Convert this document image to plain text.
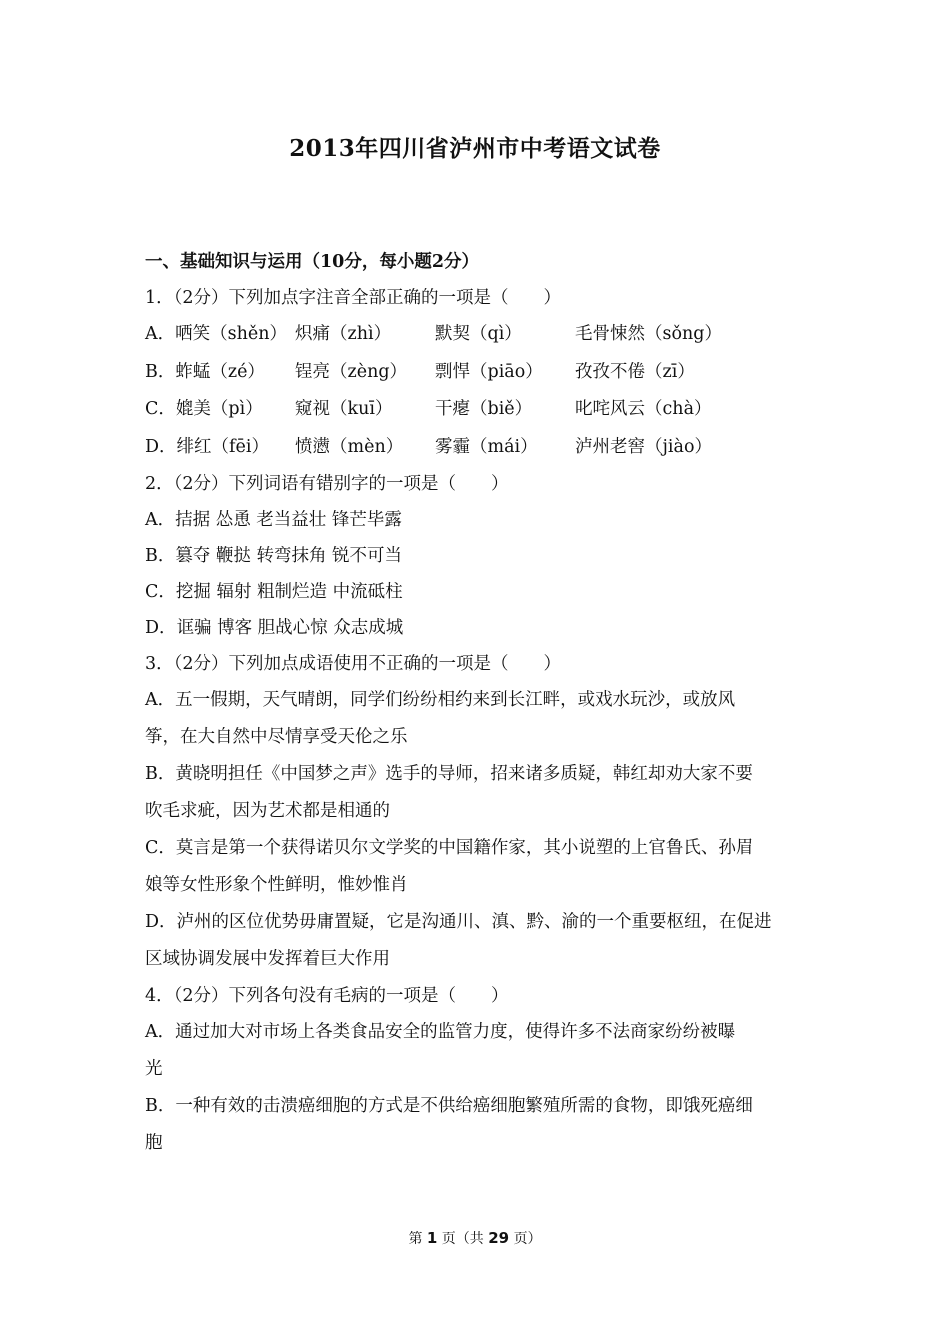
2013年四川省泸州市中考语文试卷
一、基础知识与运用（10分，每小题2分）
1．（2分）下列加点字注音全部正确的一项是（　　）
A．哂笑（shěn） 炽痛（zhì）	默契（qì）	毛骨悚然（sǒng）
B．蚱蜢（zé）	锃亮（zèng）	剽悍（piāo）	孜孜不倦（zī）
C．媲美（pì）	窥视（kuī）	干瘪（biě）	叱咤风云（chà）
D．绯红（fēi）	愤懑（mèn）	雾霾（mái）	泸州老窖（jiào）
2．（2分）下列词语有错别字的一项是（　　）
A．拮据 怂恿 老当益壮 锋芒毕露
B．篡夺 鞭挞 转弯抹角 锐不可当
C．挖掘 辐射 粗制烂造 中流砥柱
D．诓骗 博客 胆战心惊 众志成城
3．（2分）下列加点成语使用不正确的一项是（　　）
A．五一假期，天气晴朗，同学们纷纷相约来到长江畔，或戏水玩沙，或放风
筝，在大自然中尽情享受天伦之乐
B．黄晓明担任《中国梦之声》选手的导师，招来诸多质疑，韩红却劝大家不要
吹毛求疵，因为艺术都是相通的
C．莫言是第一个获得诺贝尔文学奖的中国籍作家，其小说塑的上官鲁氏、孙眉
娘等女性形象个性鲜明，惟妙惟肖
D．泸州的区位优势毋庸置疑，它是沟通川、滇、黔、渝的一个重要枢纽，在促进
区域协调发展中发挥着巨大作用
4．（2分）下列各句没有毛病的一项是（　　）
A．通过加大对市场上各类食品安全的监管力度，使得许多不法商家纷纷被曝
光
B．一种有效的击溃癌细胞的方式是不供给癌细胞繁殖所需的食物，即饿死癌细
胞
第 1 页（共 29 页）
